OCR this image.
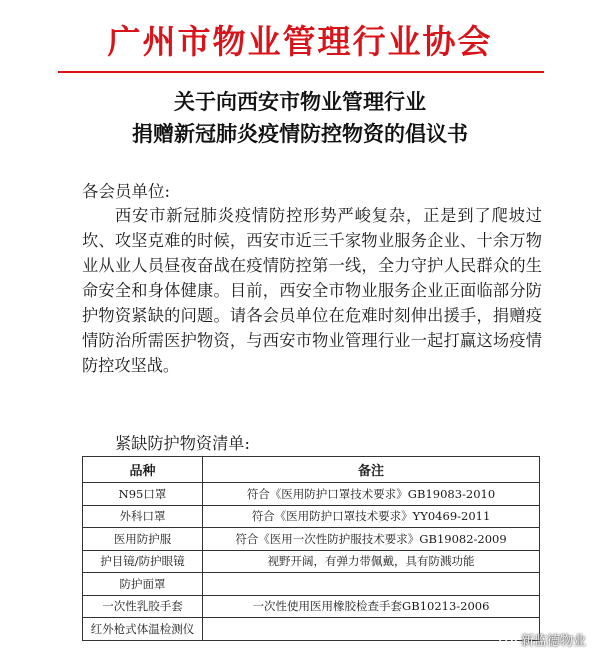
广州市物业管理行业协会
关于向西安市物业管理行业
捐赠新冠肺炎疫情防控物资的倡议书
各会员单位:
西安市新冠肺炎疫情防控形势严峻复杂，正是到了爬坡过坎、攻坚克难的时候，西安市近三千家物业服务企业、十余万物业从业人员昼夜奋战在疫情防控第一线，全力守护人民群众的生命安全和身体健康。目前，西安全市物业服务企业正面临部分防护物资紧缺的问题。请各会员单位在危难时刻伸出援手，捐赠疫情防治所需医护物资，与西安市物业管理行业一起打赢这场疫情防控攻坚战。
紧缺防护物资清单:
品种	备注
N95口罩	符合《医用防护口罩技术要求》GB19083-2010
外科口罩	符合《医用防护口罩技术要求》YY0469-2011
医用防护服	符合《医用一次性防护服技术要求》GB19082-2009
护目镜/防护眼镜	视野开阔，有弹力带佩戴，具有防溅功能
防护面罩	
一次性乳胶手套	一次性使用医用橡胶检查手套GB10213-2006
红外枪式体温检测仪	
新监德物业
